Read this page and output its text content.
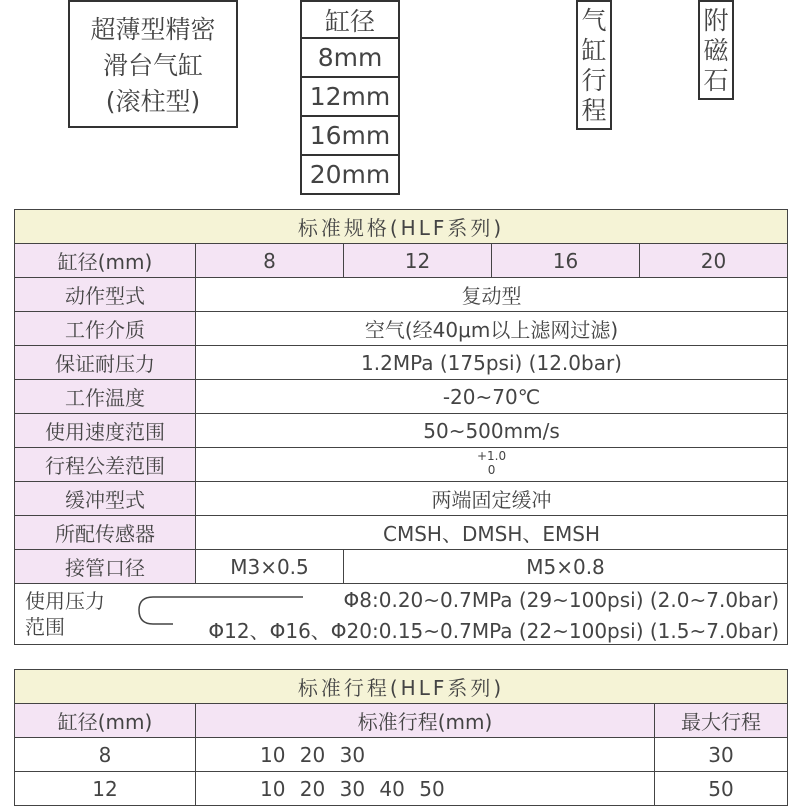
超薄型精密
滑台气缸
(滚柱型)
缸径
8mm
12mm
16mm
20mm
气
缸
行
程
附
磁
石
标准规格(HLF系列)				
缸径(mm)	8	12	16	20
动作型式	复动型			
工作介质	空气(经40μm以上滤网过滤)			
保证耐压力	1.2MPa (175psi) (12.0bar)			
工作温度	-20~70℃			
使用速度范围	50~500mm/s			
行程公差范围	+1.0
0			

缓冲型式	两端固定缓冲			
所配传感器	CMSH、DMSH、EMSH			
接管口径	M3×0.5	M5×0.8		

使用压力
范围
Φ8:0.20~0.7MPa (29~100psi) (2.0~7.0bar)
Φ12、Φ16、Φ20:0.15~0.7MPa (22~100psi) (1.5~7.0bar)				
标准行程(HLF系列)		
缸径(mm)	标准行程(mm)	最大行程
8	10 20 30	30
12	10 20 30 40 50	50
